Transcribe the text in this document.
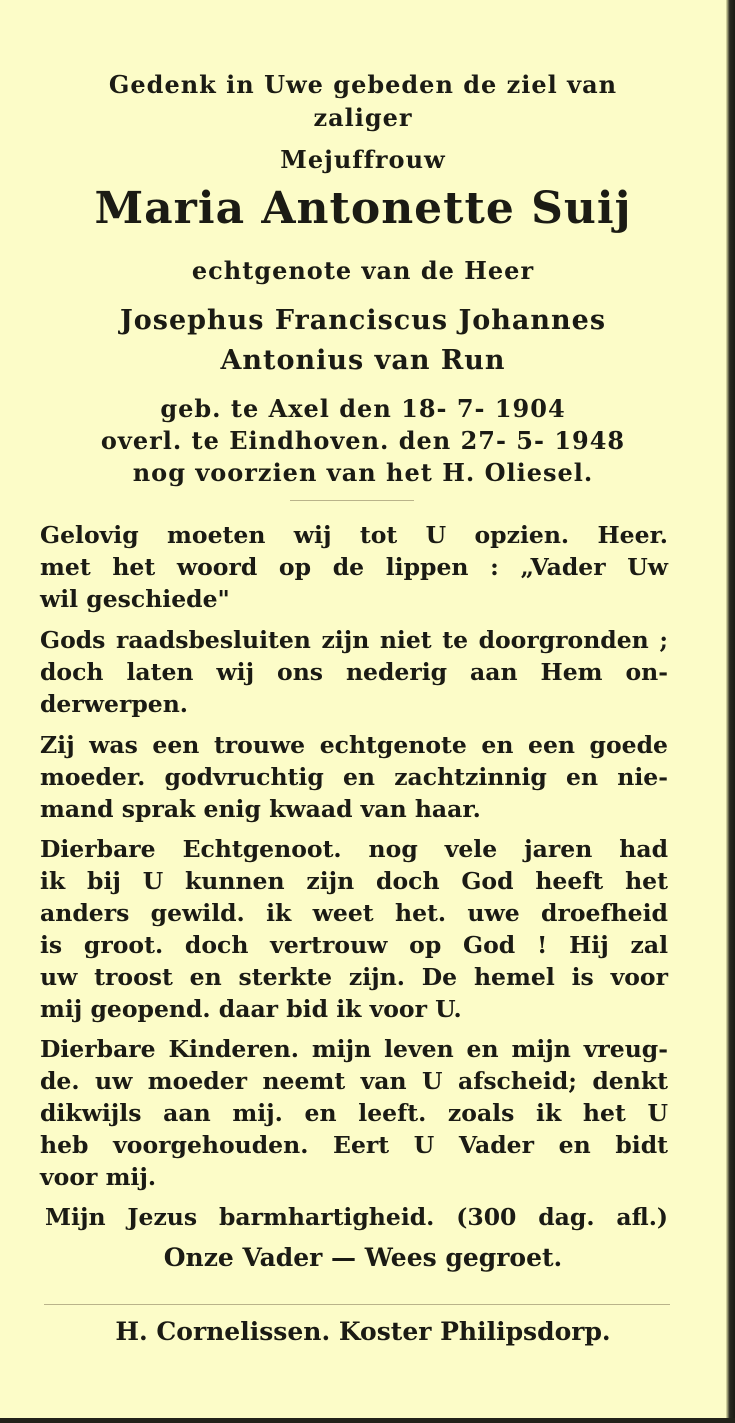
Gedenk in Uwe gebeden de ziel van
zaliger
Mejuffrouw
Maria Antonette Suij
echtgenote van de Heer
Josephus Franciscus Johannes
Antonius van Run
geb. te Axel den 18- 7- 1904
overl. te Eindhoven. den 27- 5- 1948
nog voorzien van het H. Oliesel.
Gelovig moeten wij tot U opzien. Heer.
met het woord op de lippen : „Vader Uw
wil geschiede"
Gods raadsbesluiten zijn niet te doorgronden ;
doch laten wij ons nederig aan Hem on-
derwerpen.
Zij was een trouwe echtgenote en een goede
moeder. godvruchtig en zachtzinnig en nie-
mand sprak enig kwaad van haar.
Dierbare Echtgenoot. nog vele jaren had
ik bij U kunnen zijn doch God heeft het
anders gewild. ik weet het. uwe droefheid
is groot. doch vertrouw op God ! Hij zal
uw troost en sterkte zijn. De hemel is voor
mij geopend. daar bid ik voor U.
Dierbare Kinderen. mijn leven en mijn vreug-
de. uw moeder neemt van U afscheid; denkt
dikwijls aan mij. en leeft. zoals ik het U
heb voorgehouden. Eert U Vader en bidt
voor mij.
Mijn Jezus barmhartigheid. (300 dag. afl.)
Onze Vader — Wees gegroet.
H. Cornelissen. Koster Philipsdorp.
